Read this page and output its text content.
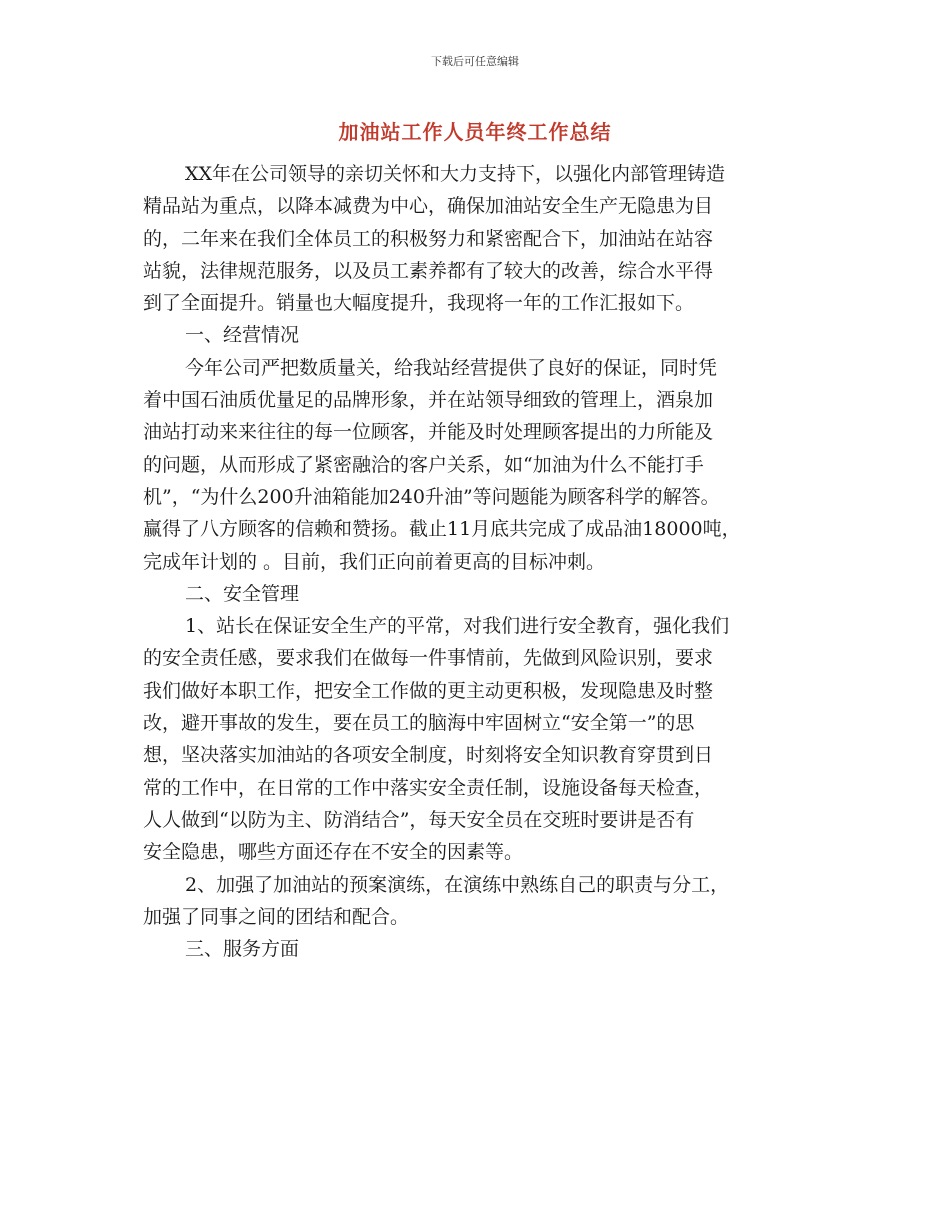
下载后可任意编辑
加油站工作人员年终工作总结
XX年在公司领导的亲切关怀和大力支持下，以强化内部管理铸造
精品站为重点，以降本减费为中心，确保加油站安全生产无隐患为目
的，二年来在我们全体员工的积极努力和紧密配合下，加油站在站容
站貌，法律规范服务，以及员工素养都有了较大的改善，综合水平得
到了全面提升。销量也大幅度提升，我现将一年的工作汇报如下。
一、经营情况
今年公司严把数质量关，给我站经营提供了良好的保证，同时凭
着中国石油质优量足的品牌形象，并在站领导细致的管理上，酒泉加
油站打动来来往往的每一位顾客，并能及时处理顾客提出的力所能及
的问题，从而形成了紧密融洽的客户关系，如“加油为什么不能打手
机”，“为什么200升油箱能加240升油”等问题能为顾客科学的解答。
赢得了八方顾客的信赖和赞扬。截止11月底共完成了成品油18000吨，
完成年计划的 。目前，我们正向前着更高的目标冲刺。
二、安全管理
1、站长在保证安全生产的平常，对我们进行安全教育，强化我们
的安全责任感，要求我们在做每一件事情前，先做到风险识别，要求
我们做好本职工作，把安全工作做的更主动更积极，发现隐患及时整
改，避开事故的发生，要在员工的脑海中牢固树立“安全第一”的思
想，坚决落实加油站的各项安全制度，时刻将安全知识教育穿贯到日
常的工作中，在日常的工作中落实安全责任制，设施设备每天检查，
人人做到“以防为主、防消结合”，每天安全员在交班时要讲是否有
安全隐患，哪些方面还存在不安全的因素等。
2、加强了加油站的预案演练，在演练中熟练自己的职责与分工，
加强了同事之间的团结和配合。
三、服务方面
